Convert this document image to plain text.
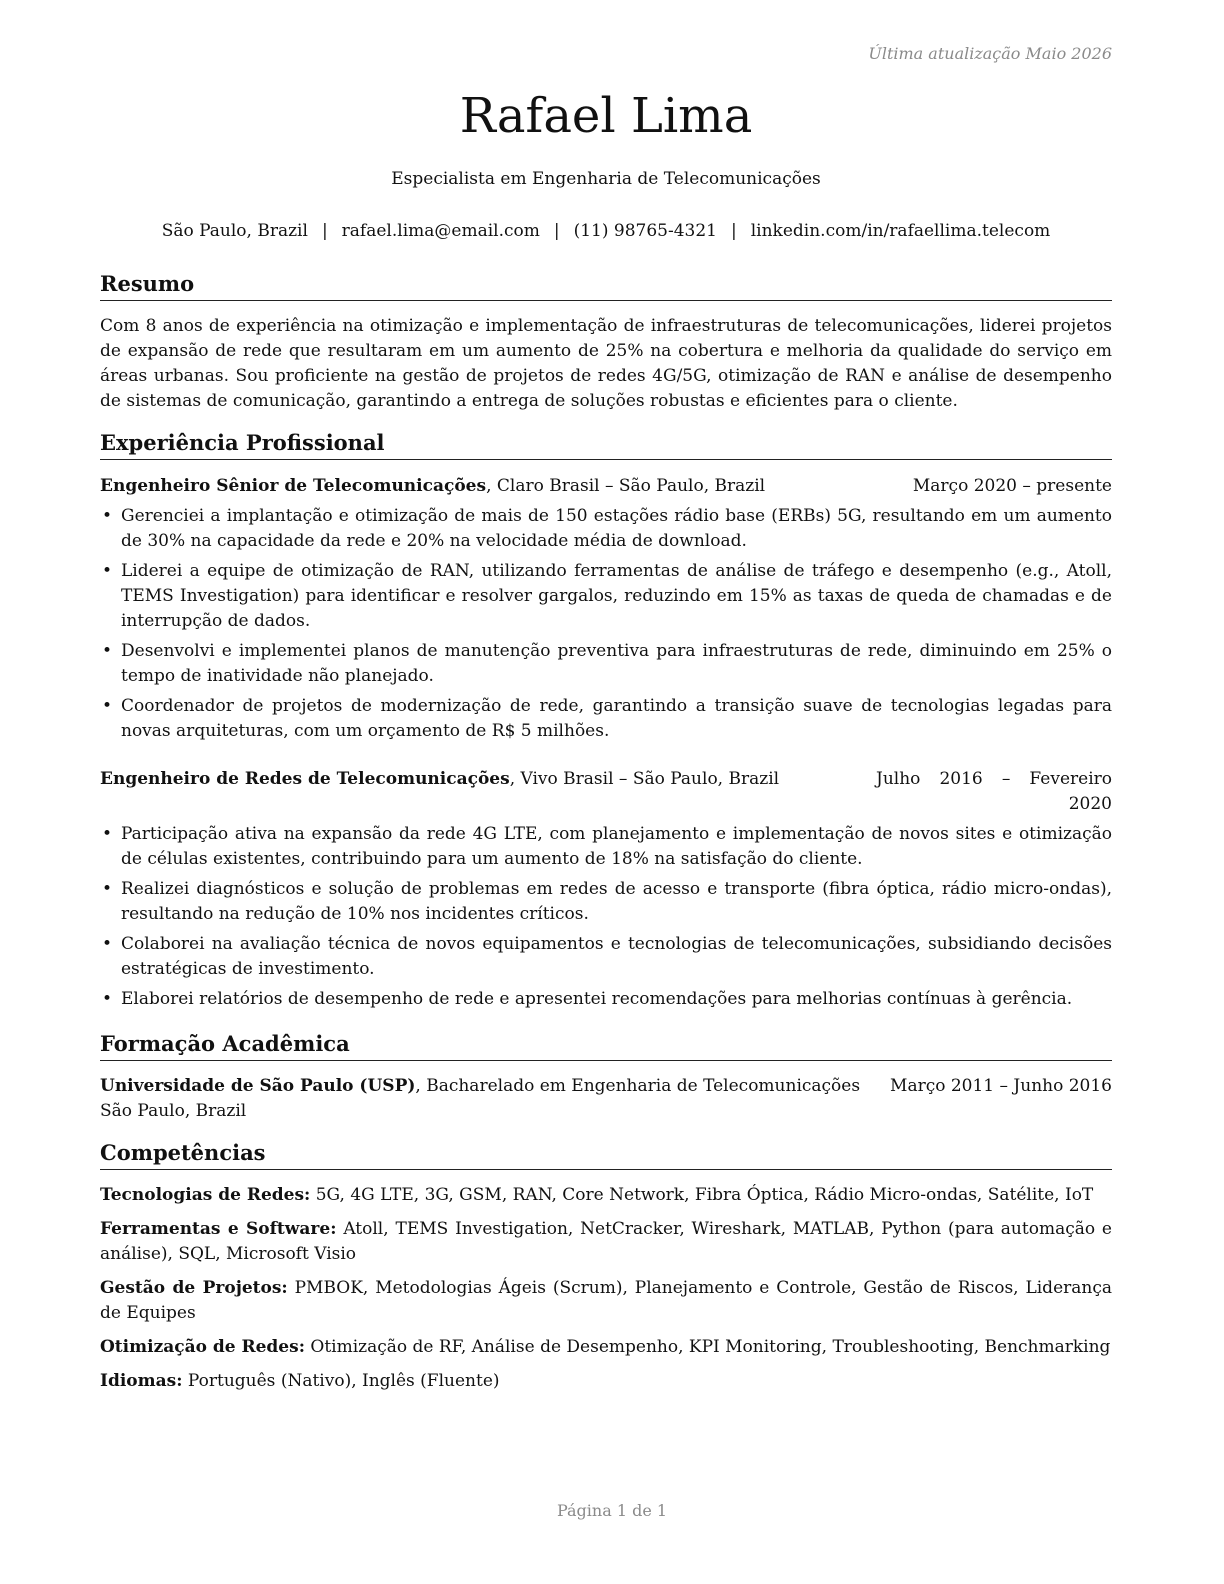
Última atualização Maio 2026
Rafael Lima
Especialista em Engenharia de Telecomunicações
São Paulo, Brazil | rafael.lima@email.com | (11) 98765-4321 | linkedin.com/in/rafaellima.telecom
Resumo
Com 8 anos de experiência na otimização e implementação de infraestruturas de telecomunicações, liderei projetos de expansão de rede que resultaram em um aumento de 25% na cobertura e melhoria da qualidade do serviço em áreas urbanas. Sou proficiente na gestão de projetos de redes 4G/5G, otimização de RAN e análise de desempenho de sistemas de comunicação, garantindo a entrega de soluções robustas e eficientes para o cliente.
Experiência Profissional
Engenheiro Sênior de Telecomunicações, Claro Brasil – São Paulo, Brazil	Março 2020 – presente
• Gerenciei a implantação e otimização de mais de 150 estações rádio base (ERBs) 5G, resultando em um aumento de 30% na capacidade da rede e 20% na velocidade média de download.
• Liderei a equipe de otimização de RAN, utilizando ferramentas de análise de tráfego e desempenho (e.g., Atoll, TEMS Investigation) para identificar e resolver gargalos, reduzindo em 15% as taxas de queda de chamadas e de interrupção de dados.
• Desenvolvi e implementei planos de manutenção preventiva para infraestruturas de rede, diminuindo em 25% o tempo de inatividade não planejado.
• Coordenador de projetos de modernização de rede, garantindo a transição suave de tecnologias legadas para novas arquiteturas, com um orçamento de R$ 5 milhões.
Engenheiro de Redes de Telecomunicações, Vivo Brasil – São Paulo, Brazil	Julho 2016 – Fevereiro 2020
• Participação ativa na expansão da rede 4G LTE, com planejamento e implementação de novos sites e otimização de células existentes, contribuindo para um aumento de 18% na satisfação do cliente.
• Realizei diagnósticos e solução de problemas em redes de acesso e transporte (fibra óptica, rádio micro-ondas), resultando na redução de 10% nos incidentes críticos.
• Colaborei na avaliação técnica de novos equipamentos e tecnologias de telecomunicações, subsidiando decisões estratégicas de investimento.
• Elaborei relatórios de desempenho de rede e apresentei recomendações para melhorias contínuas à gerência.
Formação Acadêmica
Universidade de São Paulo (USP), Bacharelado em Engenharia de Telecomunicações Março 2011 – Junho 2016
São Paulo, Brazil
Competências
Tecnologias de Redes: 5G, 4G LTE, 3G, GSM, RAN, Core Network, Fibra Óptica, Rádio Micro-ondas, Satélite, IoT
Ferramentas e Software: Atoll, TEMS Investigation, NetCracker, Wireshark, MATLAB, Python (para automação e análise), SQL, Microsoft Visio
Gestão de Projetos: PMBOK, Metodologias Ágeis (Scrum), Planejamento e Controle, Gestão de Riscos, Liderança de Equipes
Otimização de Redes: Otimização de RF, Análise de Desempenho, KPI Monitoring, Troubleshooting, Benchmarking
Idiomas: Português (Nativo), Inglês (Fluente)
Página 1 de 1
